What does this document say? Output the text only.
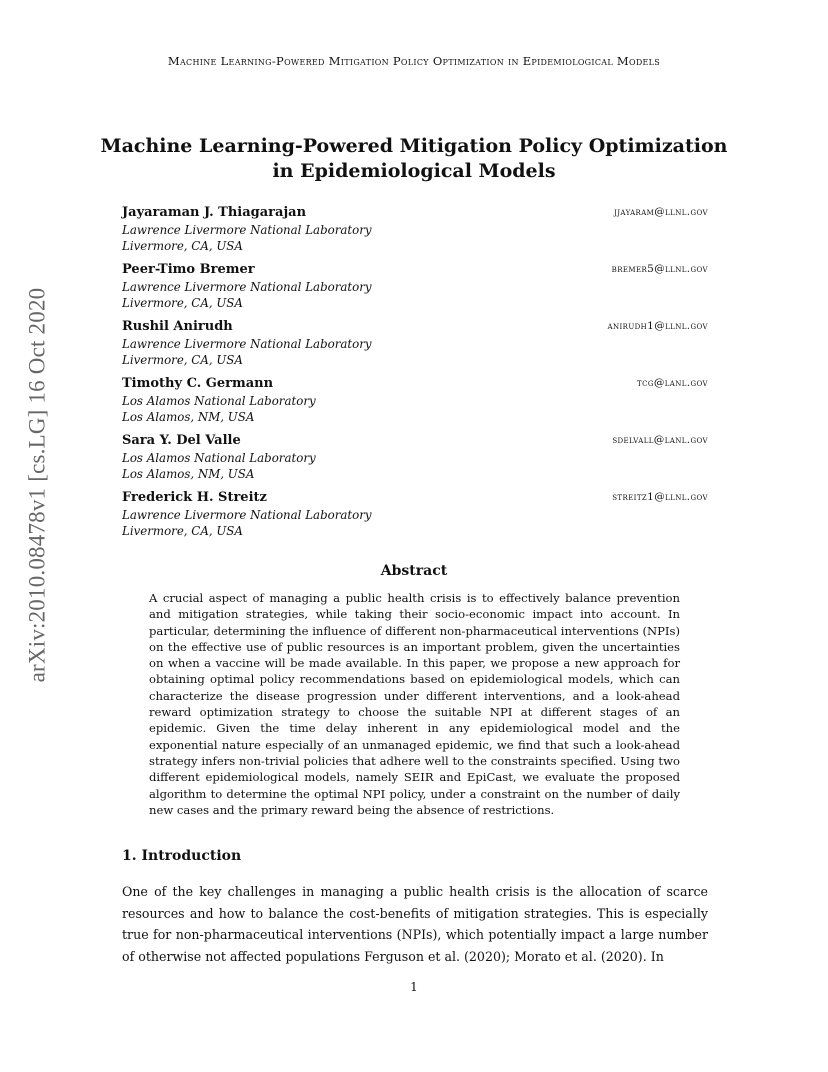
Machine Learning-Powered Mitigation Policy Optimization in Epidemiological Models
arXiv:2010.08478v1 [cs.LG] 16 Oct 2020
Machine Learning-Powered Mitigation Policy Optimization
in Epidemiological Models
Jayaraman J. Thiagarajan	jjayaram@llnl.gov
Lawrence Livermore National Laboratory
Livermore, CA, USA
Peer-Timo Bremer	bremer5@llnl.gov
Lawrence Livermore National Laboratory
Livermore, CA, USA
Rushil Anirudh	anirudh1@llnl.gov
Lawrence Livermore National Laboratory
Livermore, CA, USA
Timothy C. Germann	tcg@lanl.gov
Los Alamos National Laboratory
Los Alamos, NM, USA
Sara Y. Del Valle	sdelvall@lanl.gov
Los Alamos National Laboratory
Los Alamos, NM, USA
Frederick H. Streitz	streitz1@llnl.gov
Lawrence Livermore National Laboratory
Livermore, CA, USA
Abstract
A crucial aspect of managing a public health crisis is to effectively balance prevention and mitigation strategies, while taking their socio-economic impact into account. In particular, determining the influence of different non-pharmaceutical interventions (NPIs) on the effective use of public resources is an important problem, given the uncertainties on when a vaccine will be made available. In this paper, we propose a new approach for obtaining optimal policy recommendations based on epidemiological models, which can characterize the disease progression under different interventions, and a look-ahead reward optimization strategy to choose the suitable NPI at different stages of an epidemic. Given the time delay inherent in any epidemiological model and the exponential nature especially of an unmanaged epidemic, we find that such a look-ahead strategy infers non-trivial policies that adhere well to the constraints specified. Using two different epidemiological models, namely SEIR and EpiCast, we evaluate the proposed algorithm to determine the optimal NPI policy, under a constraint on the number of daily new cases and the primary reward being the absence of restrictions.
1. Introduction
One of the key challenges in managing a public health crisis is the allocation of scarce resources and how to balance the cost-benefits of mitigation strategies. This is especially true for non-pharmaceutical interventions (NPIs), which potentially impact a large number of otherwise not affected populations Ferguson et al. (2020); Morato et al. (2020). In
1
